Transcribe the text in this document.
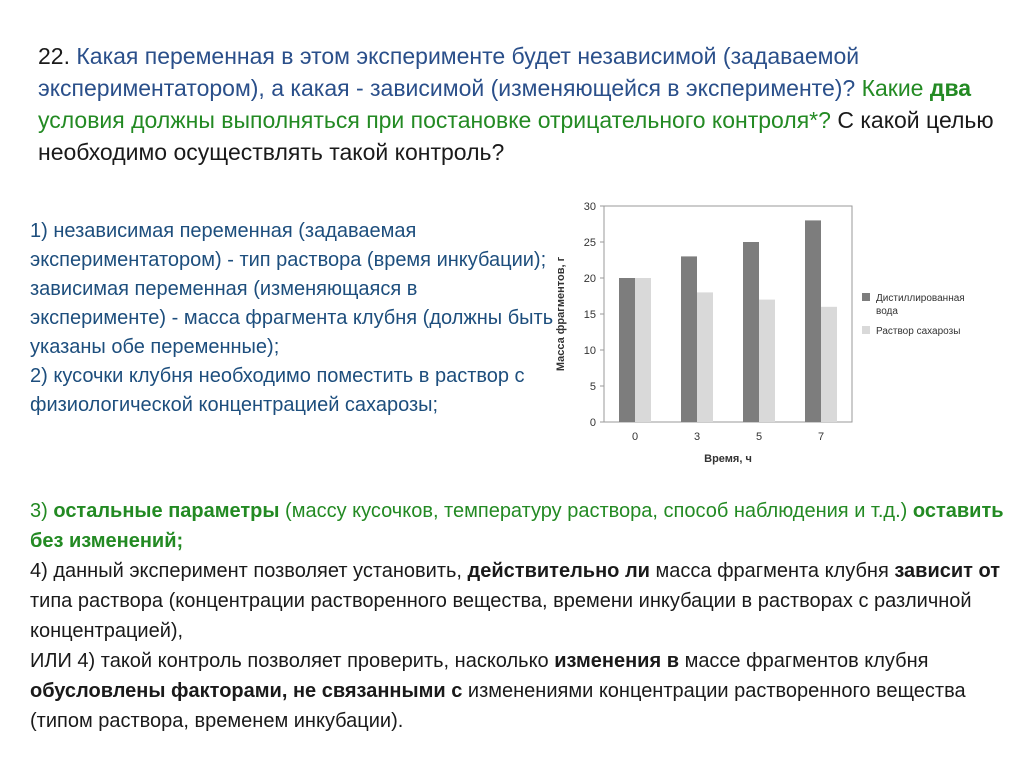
22. Какая переменная в этом эксперименте будет независимой (задаваемой экспериментатором), а какая - зависимой (изменяющейся в эксперименте)? Какие два условия должны выполняться при постановке отрицательного контроля*? С какой целью необходимо осуществлять такой контроль?

1) независимая переменная (задаваемая экспериментатором) - тип раствора (время инкубации); зависимая переменная (изменяющаяся в эксперименте) - масса фрагмента клубня (должны быть указаны обе переменные);
2) кусочки клубня необходимо поместить в раствор с физиологической концентрацией сахарозы;
3) остальные параметры (массу кусочков, температуру раствора, способ наблюдения и т.д.) оставить без изменений;
4) данный эксперимент позволяет установить, действительно ли масса фрагмента клубня зависит от типа раствора (концентрации растворенного вещества, времени инкубации в растворах с различной концентрацией),
ИЛИ 4) такой контроль позволяет проверить, насколько изменения в массе фрагментов клубня обусловлены факторами, не связанными с изменениями концентрации растворенного вещества (типом раствора, временем инкубации).
0
5
10
15
20
25
30
0	3	5	7
Время, ч
Масса фрагментов, г	Дистиллированная вода
Раствор сахарозы
